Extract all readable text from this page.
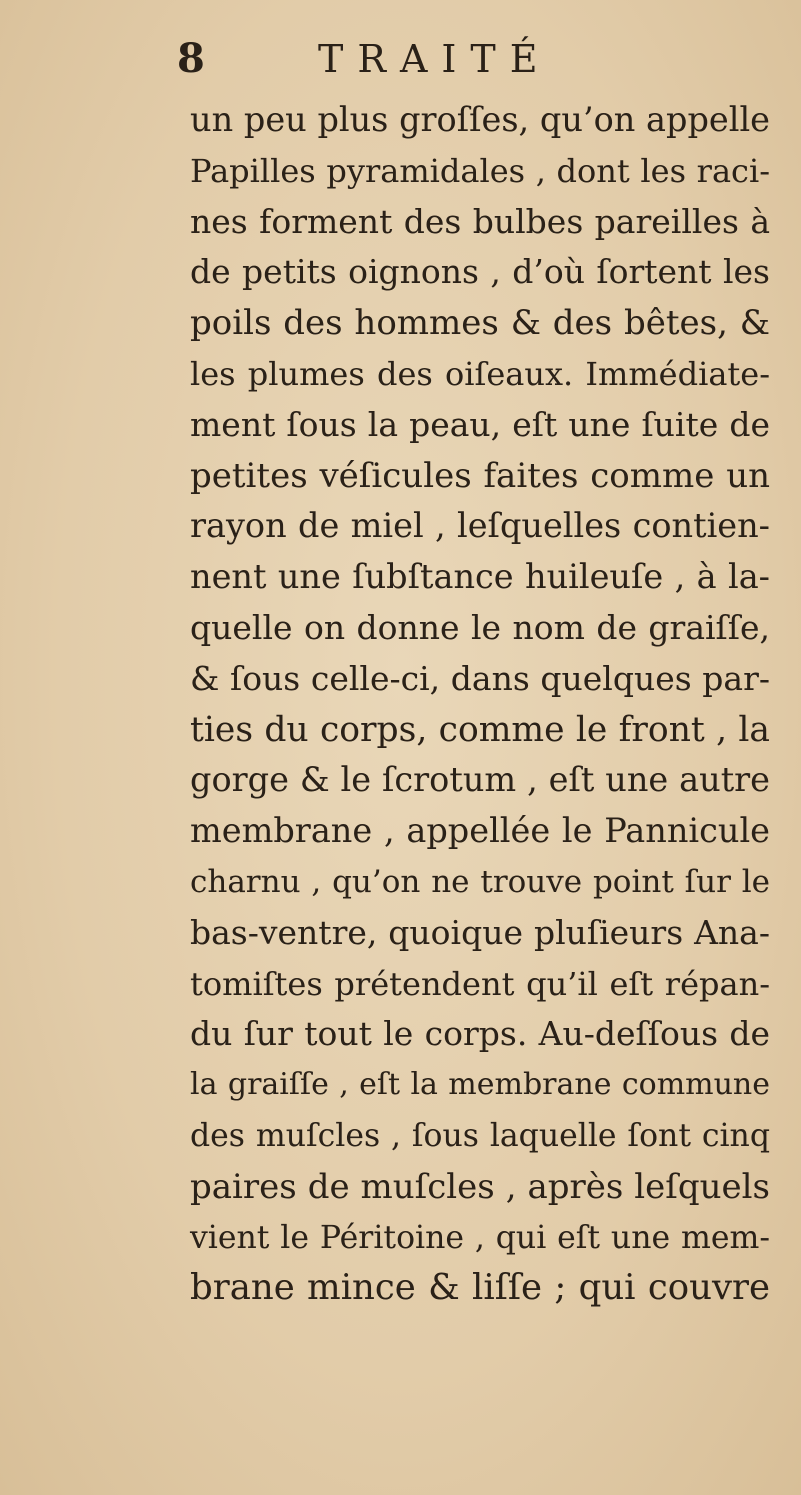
8	TRAITÉ
un peu plus groſſes, qu’on appelle
Papilles pyramidales , dont les raci-
nes forment des bulbes pareilles à
de petits oignons , d’où ſortent les
poils des hommes & des bêtes, &
les plumes des oiſeaux. Immédiate-
ment ſous la peau, eſt une ſuite de
petites véſicules faites comme un
rayon de miel , leſquelles contien-
nent une ſubſtance huileuſe , à la-
quelle on donne le nom de graiſſe,
& ſous celle-ci, dans quelques par-
ties du corps, comme le front , la
gorge & le ſcrotum , eſt une autre
membrane , appellée le Pannicule
charnu , qu’on ne trouve point ſur le
bas-ventre, quoique pluſieurs Ana-
tomiſtes prétendent qu’il eſt répan-
du ſur tout le corps. Au-deſſous de
la graiſſe , eſt la membrane commune
des muſcles , ſous laquelle ſont cinq
paires de muſcles , après leſquels
vient le Péritoine , qui eſt une mem-
brane mince & liſſe ; qui couvre
